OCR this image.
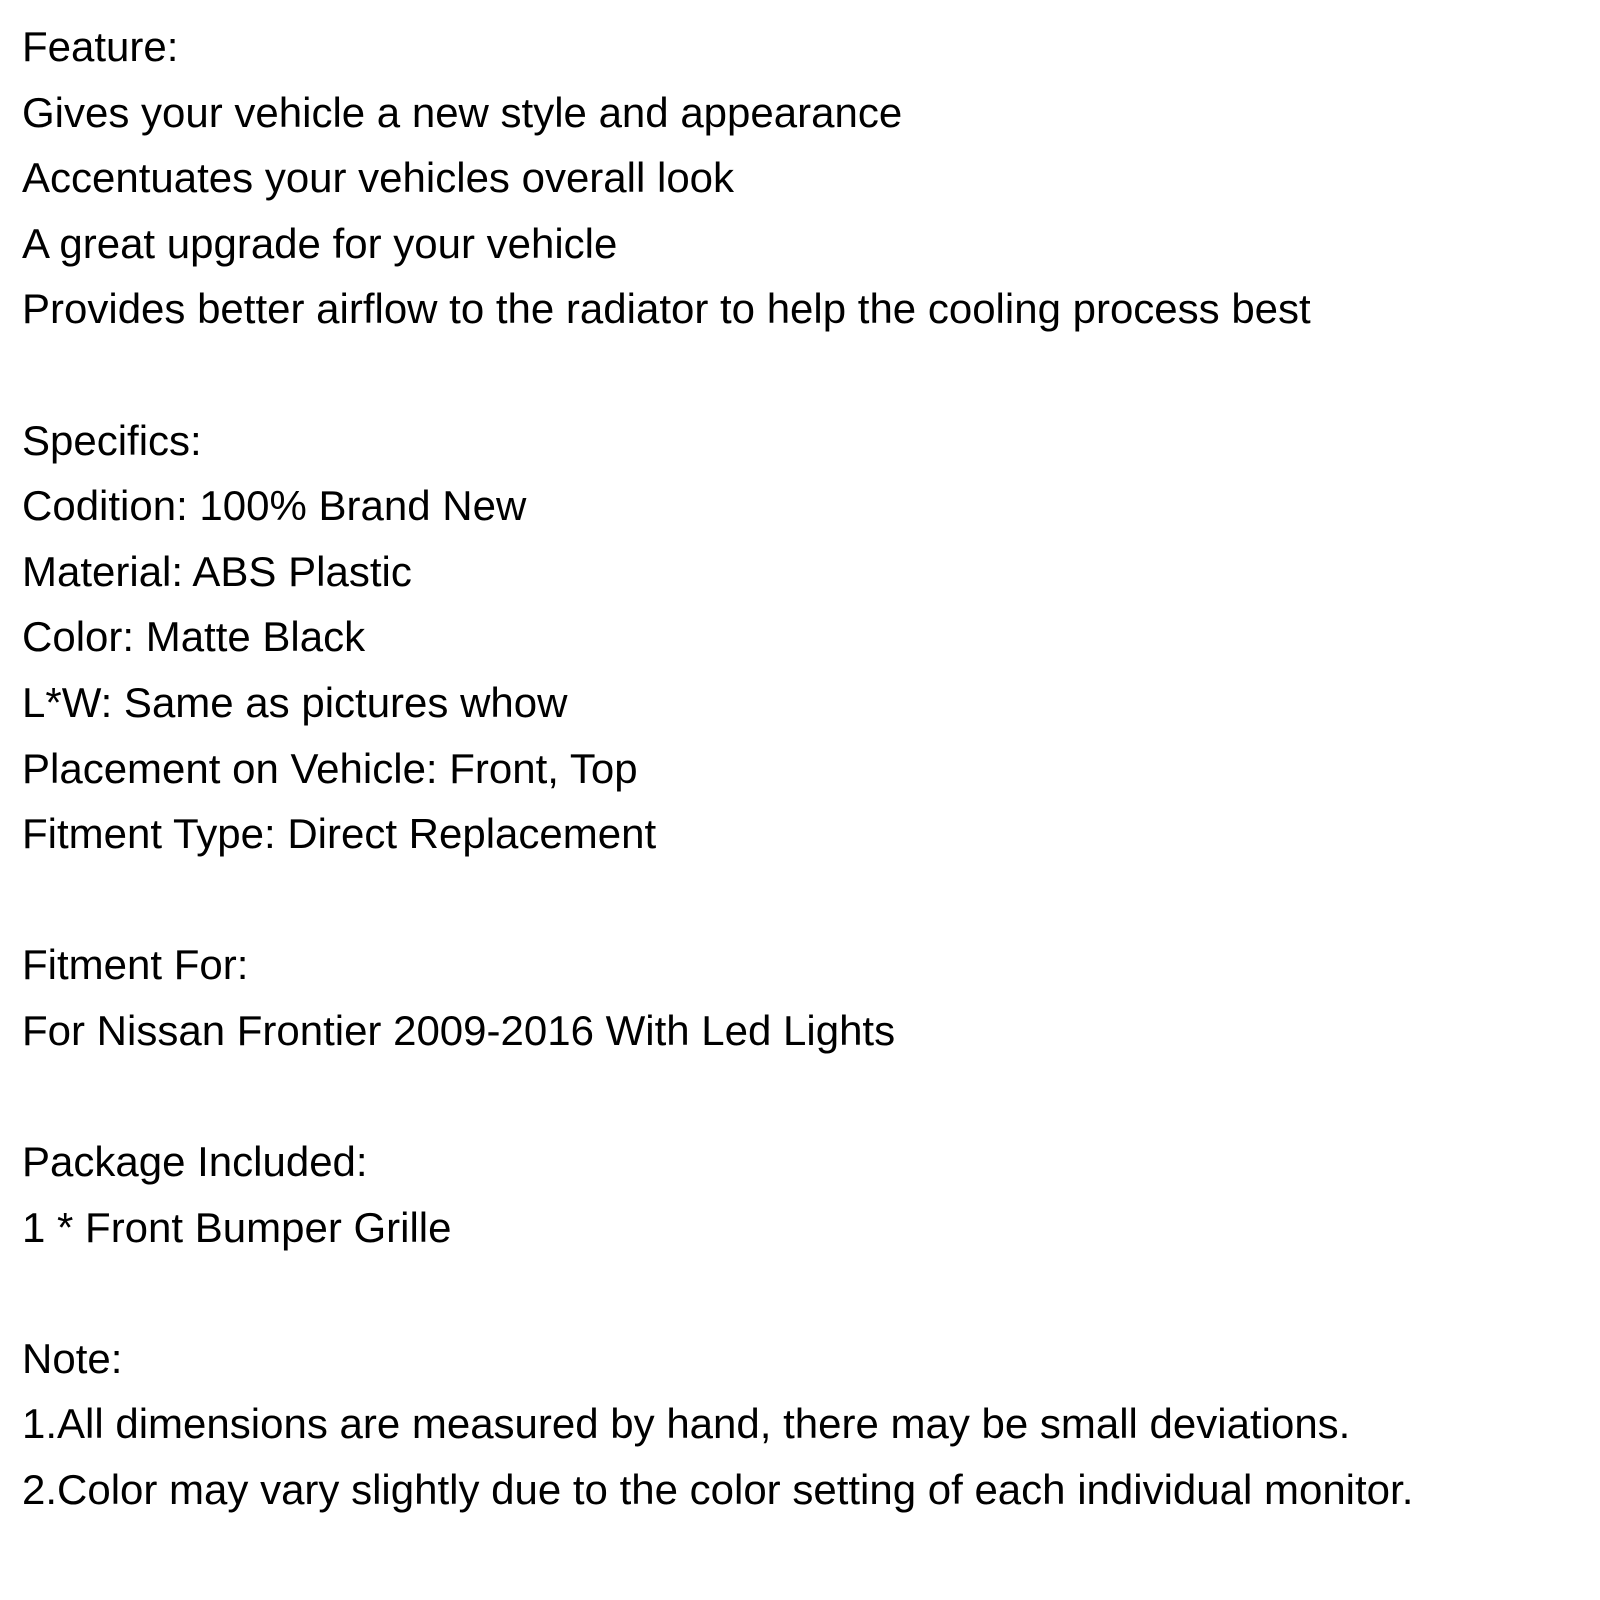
Feature:
Gives your vehicle a new style and appearance
Accentuates your vehicles overall look
A great upgrade for your vehicle
Provides better airflow to the radiator to help the cooling process best
Specifics:
Codition: 100% Brand New
Material: ABS Plastic
Color: Matte Black
L*W: Same as pictures whow
Placement on Vehicle: Front, Top
Fitment Type: Direct Replacement
Fitment For:
For Nissan Frontier 2009-2016 With Led Lights
Package Included:
1 * Front Bumper Grille
Note:
1.All dimensions are measured by hand, there may be small deviations.
2.Color may vary slightly due to the color setting of each individual monitor.
